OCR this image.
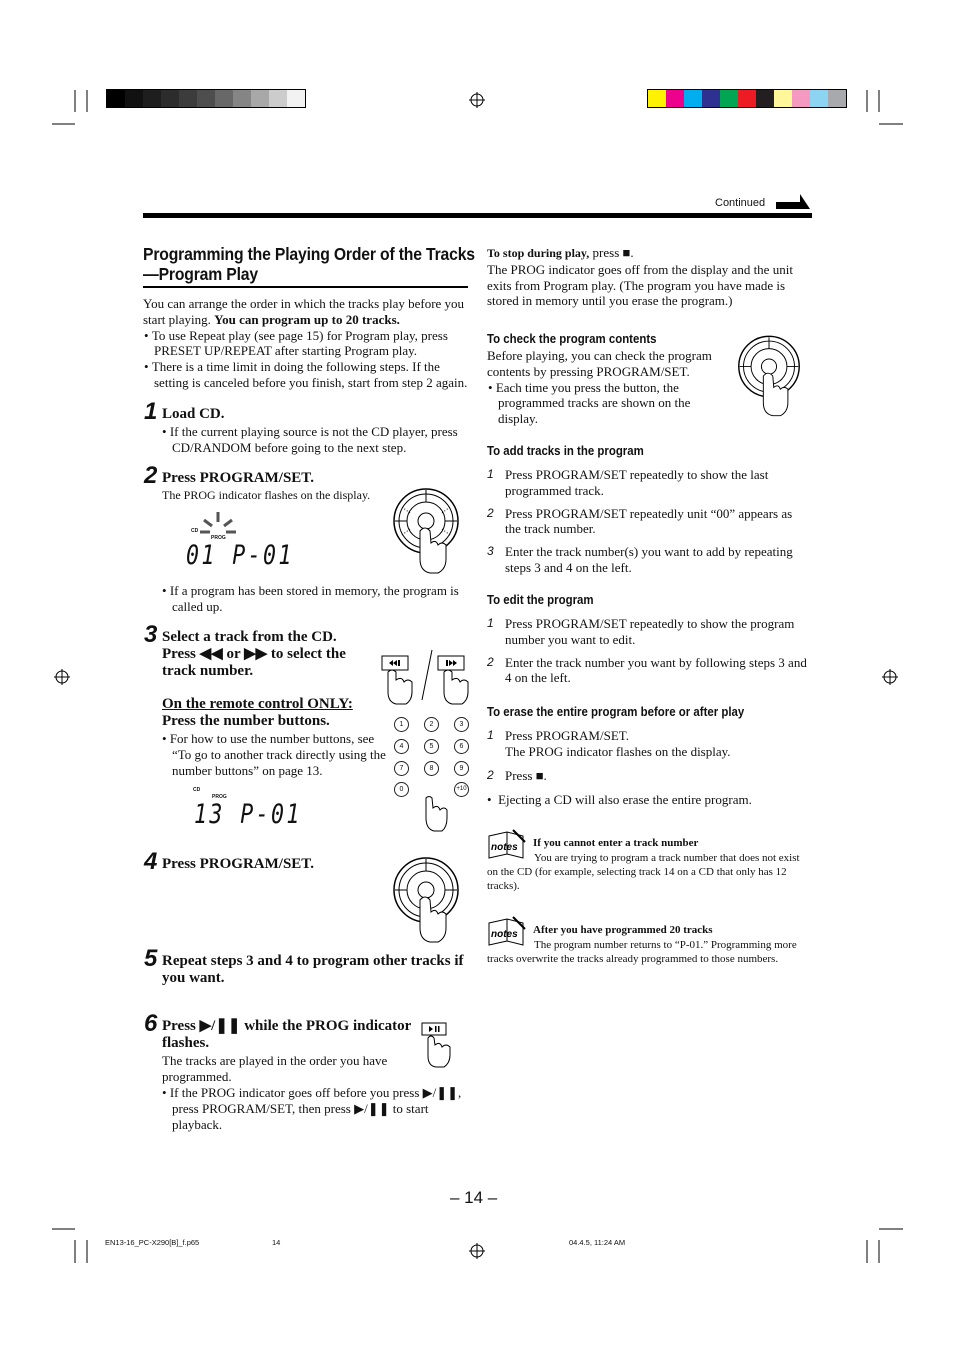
Continued
Programming the Playing Order of the Tracks
—Program Play
You can arrange the order in which the tracks play before you start playing. You can program up to 20 tracks.
• To use Repeat play (see page 15) for Program play, press PRESET UP/REPEAT after starting Program play.
• There is a time limit in doing the following steps. If the setting is canceled before you finish, start from step 2 again.
1 Load CD.
• If the current playing source is not the CD player, press CD/RANDOM before going to the next step.
2 Press PROGRAM/SET.
The PROG indicator flashes on the display.
CD
PROG
01 P-01
• If a program has been stored in memory, the program is called up.
3 Select a track from the CD.
Press ◀◀ or ▶▶ to select the track number.
On the remote control ONLY:
Press the number buttons.
• For how to use the number buttons, see “To go to another track directly using the number buttons” on page 13.
1	2	3
4	5	6
7	8	9
0	+10
CD
PROG
13 P-01
4 Press PROGRAM/SET.
5 Repeat steps 3 and 4 to program other tracks if you want.
6 Press ▶/❚❚ while the PROG indicator flashes.
The tracks are played in the order you have programmed.
• If the PROG indicator goes off before you press ▶/❚❚, press PROGRAM/SET, then press ▶/❚❚ to start playback.
To stop during play, press ■.
The PROG indicator goes off from the display and the unit exits from Program play. (The program you have made is stored in memory until you erase the program.)
To check the program contents
Before playing, you can check the program contents by pressing PROGRAM/SET.
• Each time you press the button, the programmed tracks are shown on the display.
To add tracks in the program
1 Press PROGRAM/SET repeatedly to show the last programmed track.
2 Press PROGRAM/SET repeatedly unit “00” appears as the track number.
3 Enter the track number(s) you want to add by repeating steps 3 and 4 on the left.
To edit the program
1 Press PROGRAM/SET repeatedly to show the program number you want to edit.
2 Enter the track number you want by following steps 3 and 4 on the left.
To erase the entire program before or after play
1 Press PROGRAM/SET.
The PROG indicator flashes on the display.
2 Press ■.
•  Ejecting a CD will also erase the entire program.
notes If you cannot enter a track number
You are trying to program a track number that does not exist on the CD (for example, selecting track 14 on a CD that only has 12 tracks).
notes After you have programmed 20 tracks
The program number returns to “P-01.” Programming more tracks overwrite the tracks already programmed to those numbers.
– 14 –
EN13-16_PC-X290[B]_f.p65	14	04.4.5, 11:24 AM
